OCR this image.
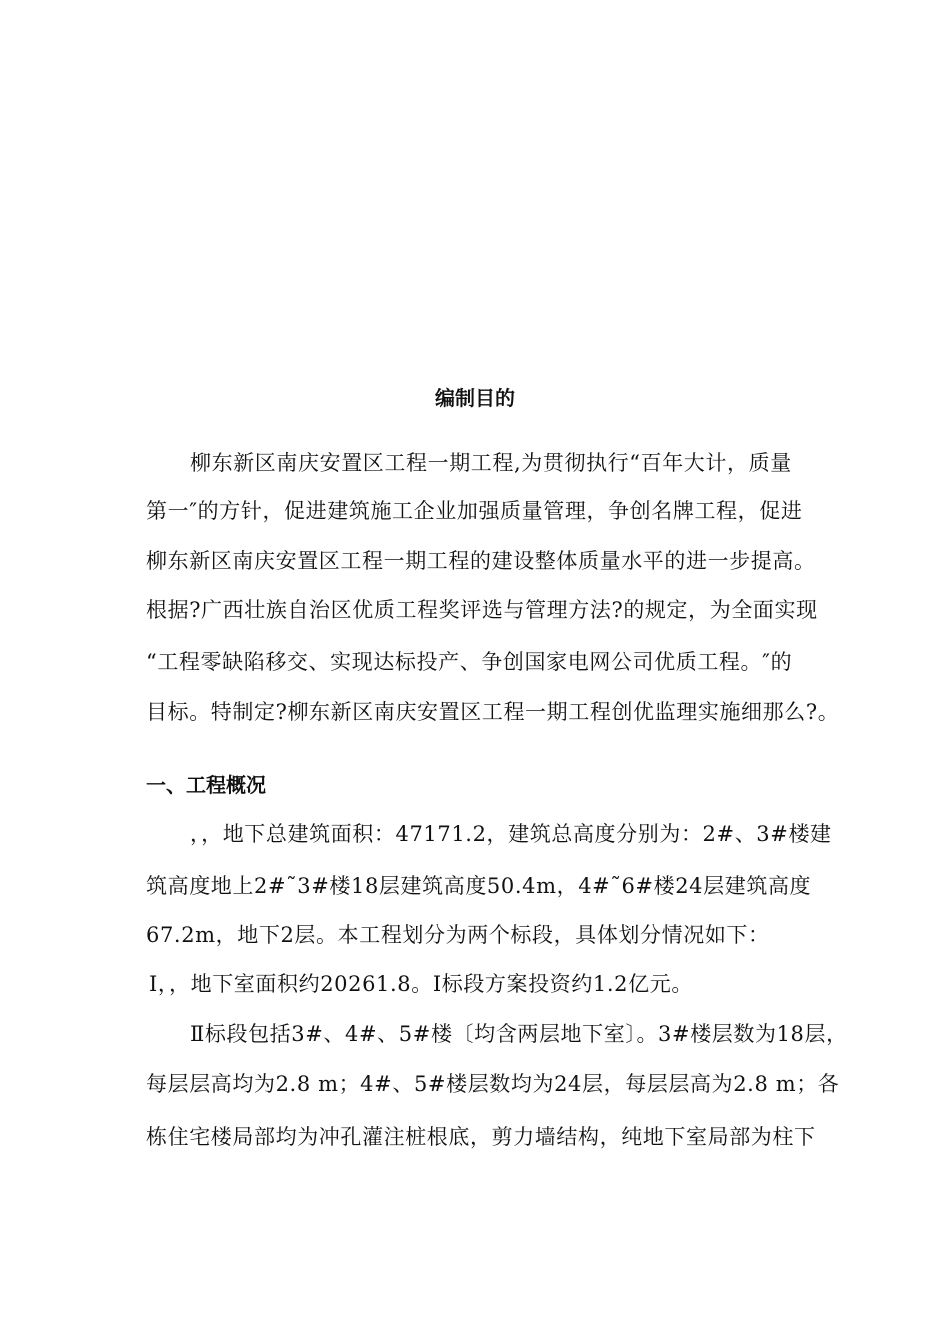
编制目的
柳东新区南庆安置区工程一期工程,为贯彻执行“百年大计，质量
第一″的方针，促进建筑施工企业加强质量管理，争创名牌工程，促进
柳东新区南庆安置区工程一期工程的建设整体质量水平的进一步提高。
根据?广西壮族自治区优质工程奖评选与管理方法?的规定，为全面实现
“工程零缺陷移交、实现达标投产、争创国家电网公司优质工程。″的
目标。特制定?柳东新区南庆安置区工程一期工程创优监理实施细那么?。
一、工程概况
，，地下总建筑面积：47171.2，建筑总高度分别为：2#、3#楼建
筑高度地上2#˜3#楼18层建筑高度50.4m，4#˜6#楼24层建筑高度
67.2m，地下2层。本工程划分为两个标段，具体划分情况如下：
Ⅰ，，地下室面积约20261.8。Ⅰ标段方案投资约1.2亿元。
Ⅱ标段包括3#、4#、5#楼〔均含两层地下室〕。3#楼层数为18层，
每层层高均为2.8 m；4#、5#楼层数均为24层，每层层高为2.8 m；各
栋住宅楼局部均为冲孔灌注桩根底，剪力墙结构，纯地下室局部为柱下
